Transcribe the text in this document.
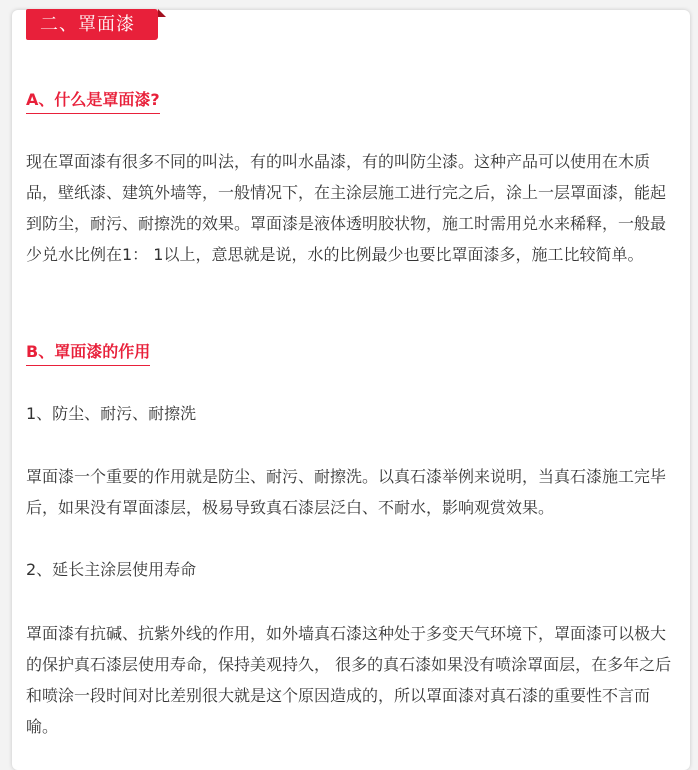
二、罩面漆
A、什么是罩面漆?

现在罩面漆有很多不同的叫法，有的叫水晶漆，有的叫防尘漆。这种产品可以使用在木质品，壁纸漆、建筑外墙等，一般情况下，在主涂层施工进行完之后，涂上一层罩面漆，能起到防尘，耐污、耐擦洗的效果。罩面漆是液体透明胶状物，施工时需用兑水来稀释，一般最少兑水比例在1： 1以上，意思就是说，水的比例最少也要比罩面漆多，施工比较简单。

B、罩面漆的作用

1、防尘、耐污、耐擦洗

罩面漆一个重要的作用就是防尘、耐污、耐擦洗。以真石漆举例来说明，当真石漆施工完毕后，如果没有罩面漆层，极易导致真石漆层泛白、不耐水，影响观赏效果。

2、延长主涂层使用寿命

罩面漆有抗碱、抗紫外线的作用，如外墙真石漆这种处于多变天气环境下，罩面漆可以极大的保护真石漆层使用寿命，保持美观持久， 很多的真石漆如果没有喷涂罩面层，在多年之后和喷涂一段时间对比差别很大就是这个原因造成的，所以罩面漆对真石漆的重要性不言而喻。
